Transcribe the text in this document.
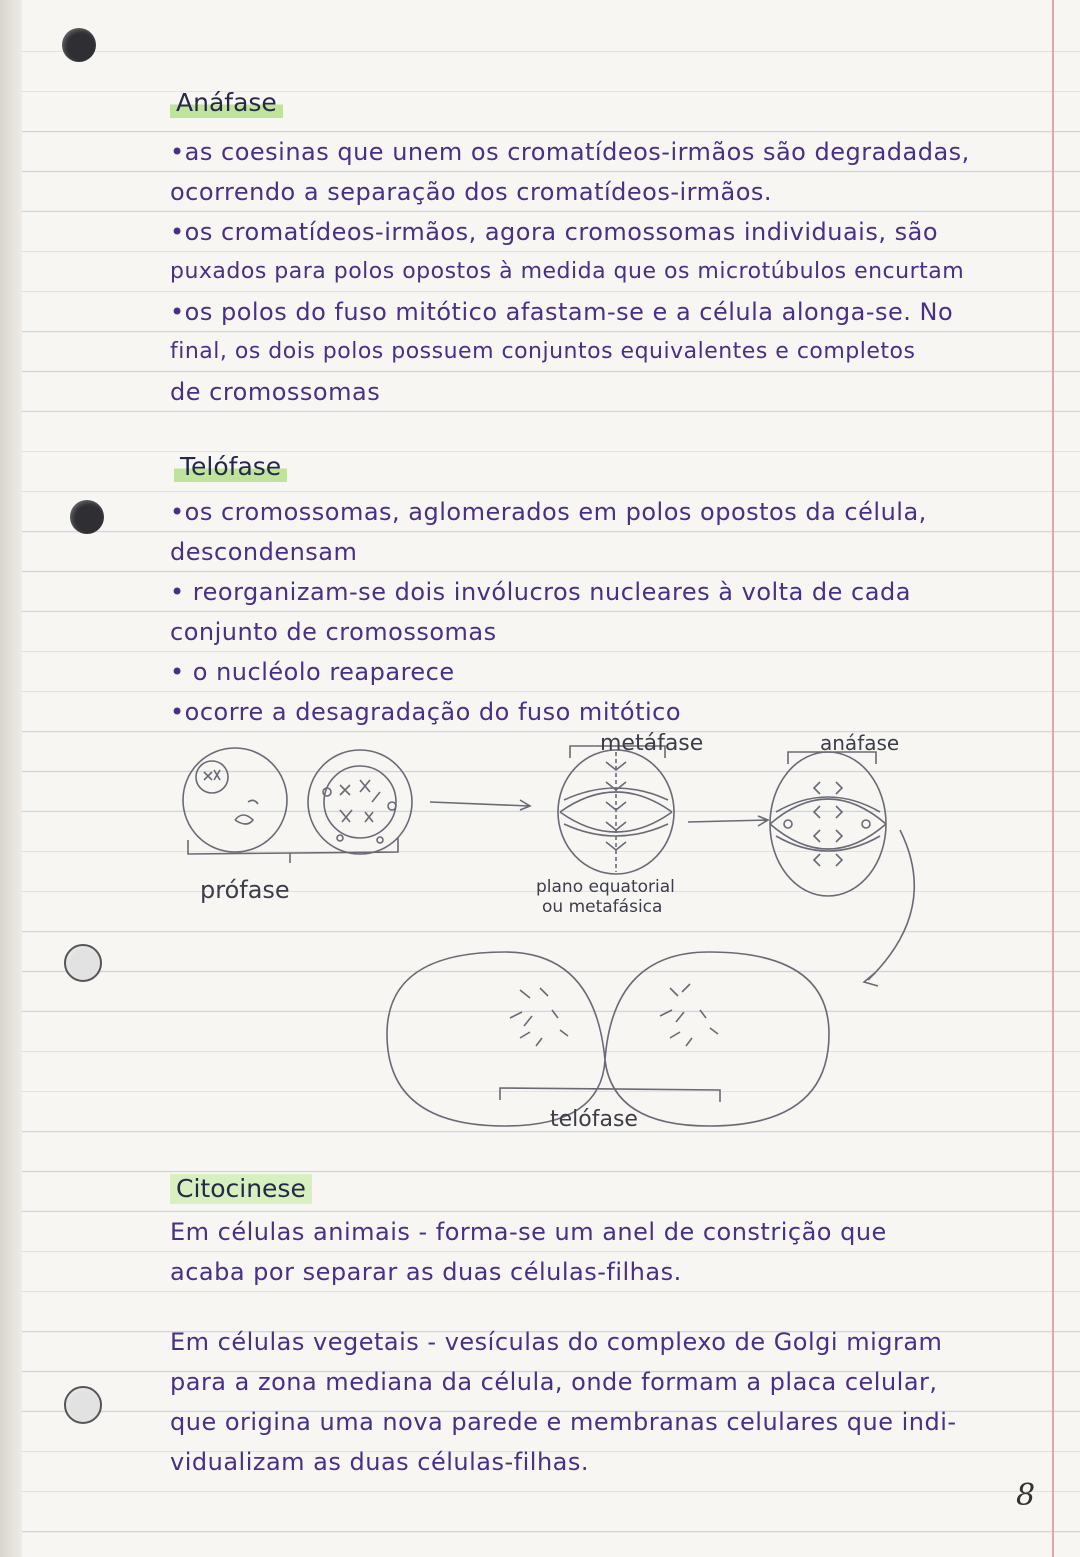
Anáfase
•as coesinas que unem os cromatídeos-irmãos são degradadas,
ocorrendo a separação dos cromatídeos-irmãos.
•os cromatídeos-irmãos, agora cromossomas individuais, são
puxados para polos opostos à medida que os microtúbulos encurtam
•os polos do fuso mitótico afastam-se e a célula alonga-se. No
final, os dois polos possuem conjuntos equivalentes e completos
de cromossomas
Telófase
•os cromossomas, aglomerados em polos opostos da célula,
descondensam
• reorganizam-se dois invólucros nucleares à volta de cada
conjunto de cromossomas
• o nucléolo reaparece
•ocorre a desagradação do fuso mitótico
metáfase	anáfase
prófase	plano equatorial
ou metafásica
telófase
Citocinese
Em células animais - forma-se um anel de constrição que
acaba por separar as duas células-filhas.
Em células vegetais - vesículas do complexo de Golgi migram
para a zona mediana da célula, onde formam a placa celular,
que origina uma nova parede e membranas celulares que indi-
vidualizam as duas células-filhas.
8
